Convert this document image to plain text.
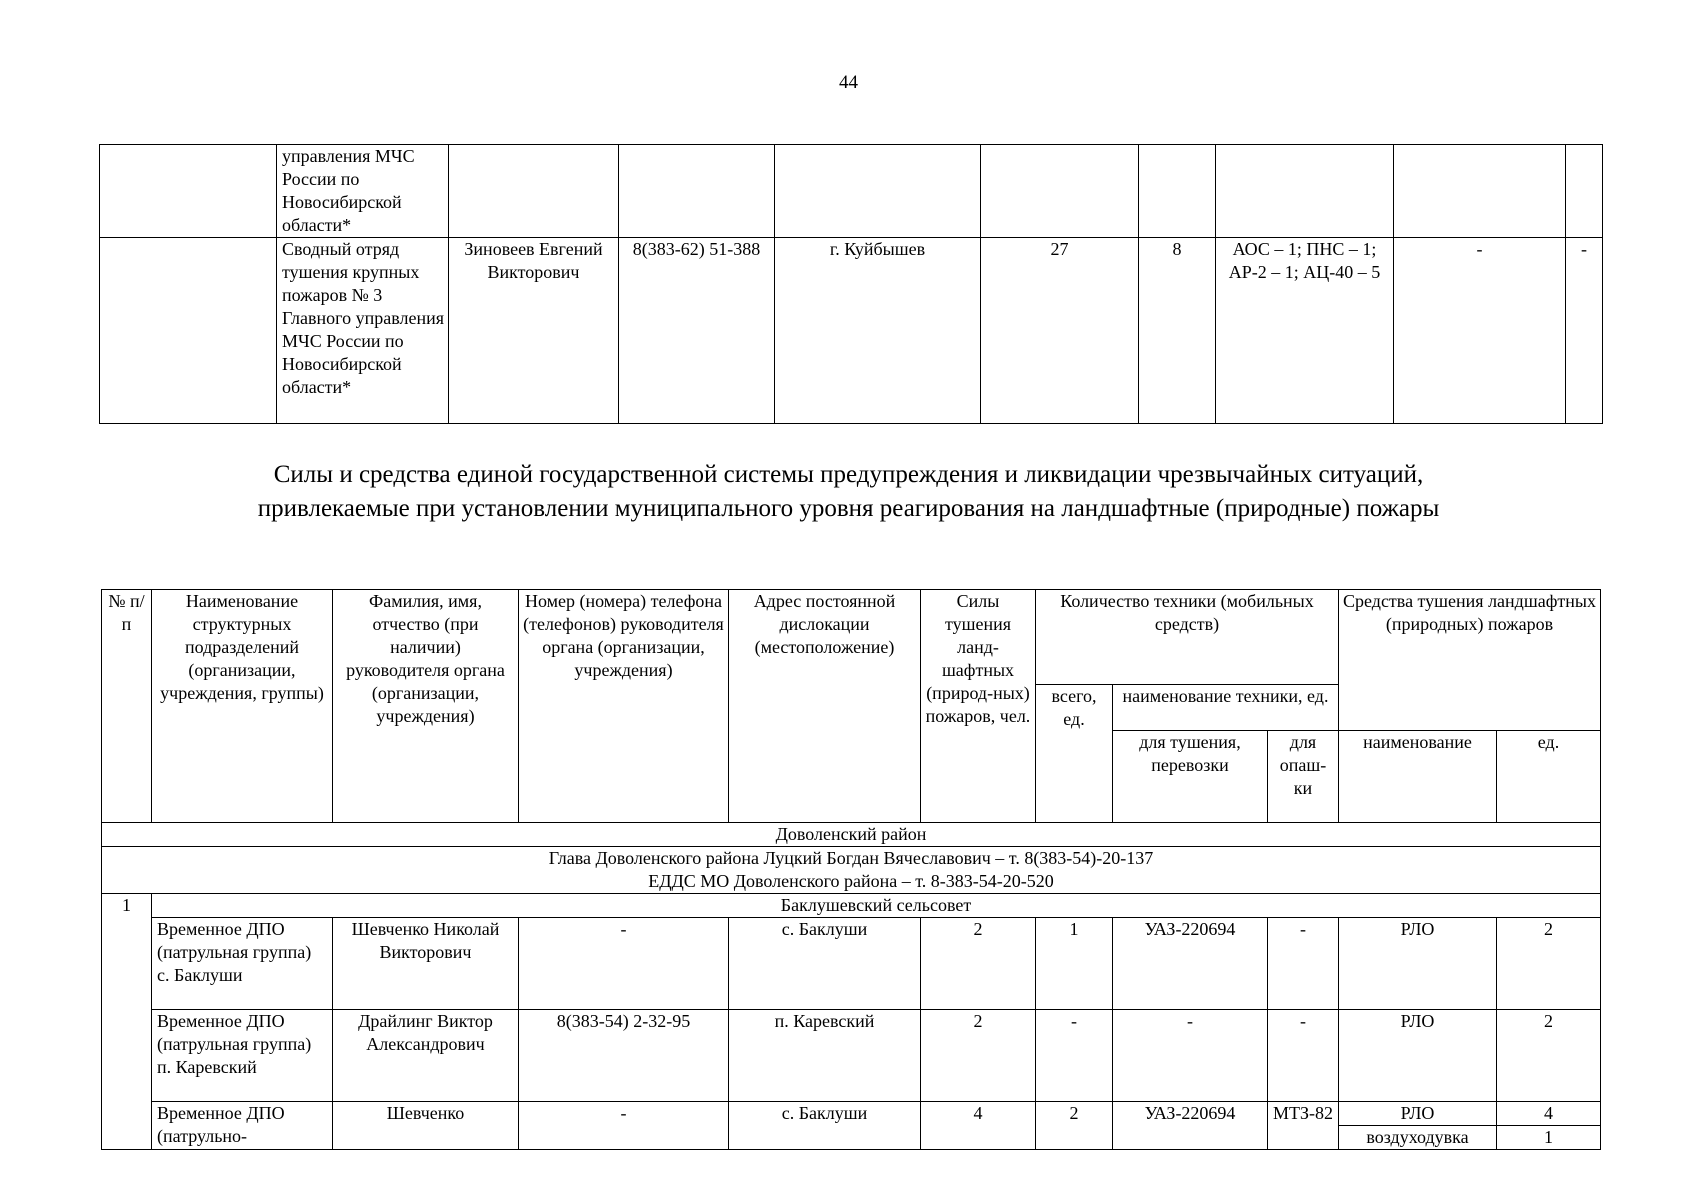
44
	управления МЧС России по Новосибирской области*								
	Сводный отряд тушения крупных пожаров № 3 Главного управления МЧС России по Новосибирской области*	Зиновеев Евгений Викторович	8(383-62) 51-388	г. Куйбышев	27	8	АОС – 1; ПНС – 1; АР-2 – 1; АЦ-40 – 5	-	-
Силы и средства единой государственной системы предупреждения и ликвидации чрезвычайных ситуаций,
привлекаемые при установлении муниципального уровня реагирования на ландшафтные (природные) пожары
№ п/п	Наименование структурных подразделений (организации, учреждения, группы)	Фамилия, имя, отчество (при наличии) руководителя органа (организации, учреждения)	Номер (номера) телефона (телефонов) руководителя органа (организации, учреждения)	Адрес постоянной дислокации (местоположение)	Силы тушения ланд-шафтных (природ-ных) пожаров, чел.	Количество техники (мобильных средств)			Средства тушения ландшафтных (природных) пожаров	
						всего, ед.	наименование техники, ед.			
							для тушения, перевозки	для опаш-ки	наименование	ед.
Доволенский район										

Глава Доволенского района Луцкий Богдан Вячеславович – т. 8(383-54)-20-137
ЕДДС МО Доволенского района – т. 8-383-54-20-520										

1	Баклушевский сельсовет									
	Временное ДПО (патрульная группа) с. Баклуши	Шевченко Николай Викторович	-	с. Баклуши	2	1	УАЗ-220694	-	РЛО	2
	Временное ДПО (патрульная группа) п. Каревский	Драйлинг Виктор Александрович	8(383-54) 2-32-95	п. Каревский	2	-	-	-	РЛО	2
	Временное ДПО (патрульно-	Шевченко	-	с. Баклуши	4	2	УАЗ-220694	МТЗ-82	РЛО	4
									воздуходувка	1
